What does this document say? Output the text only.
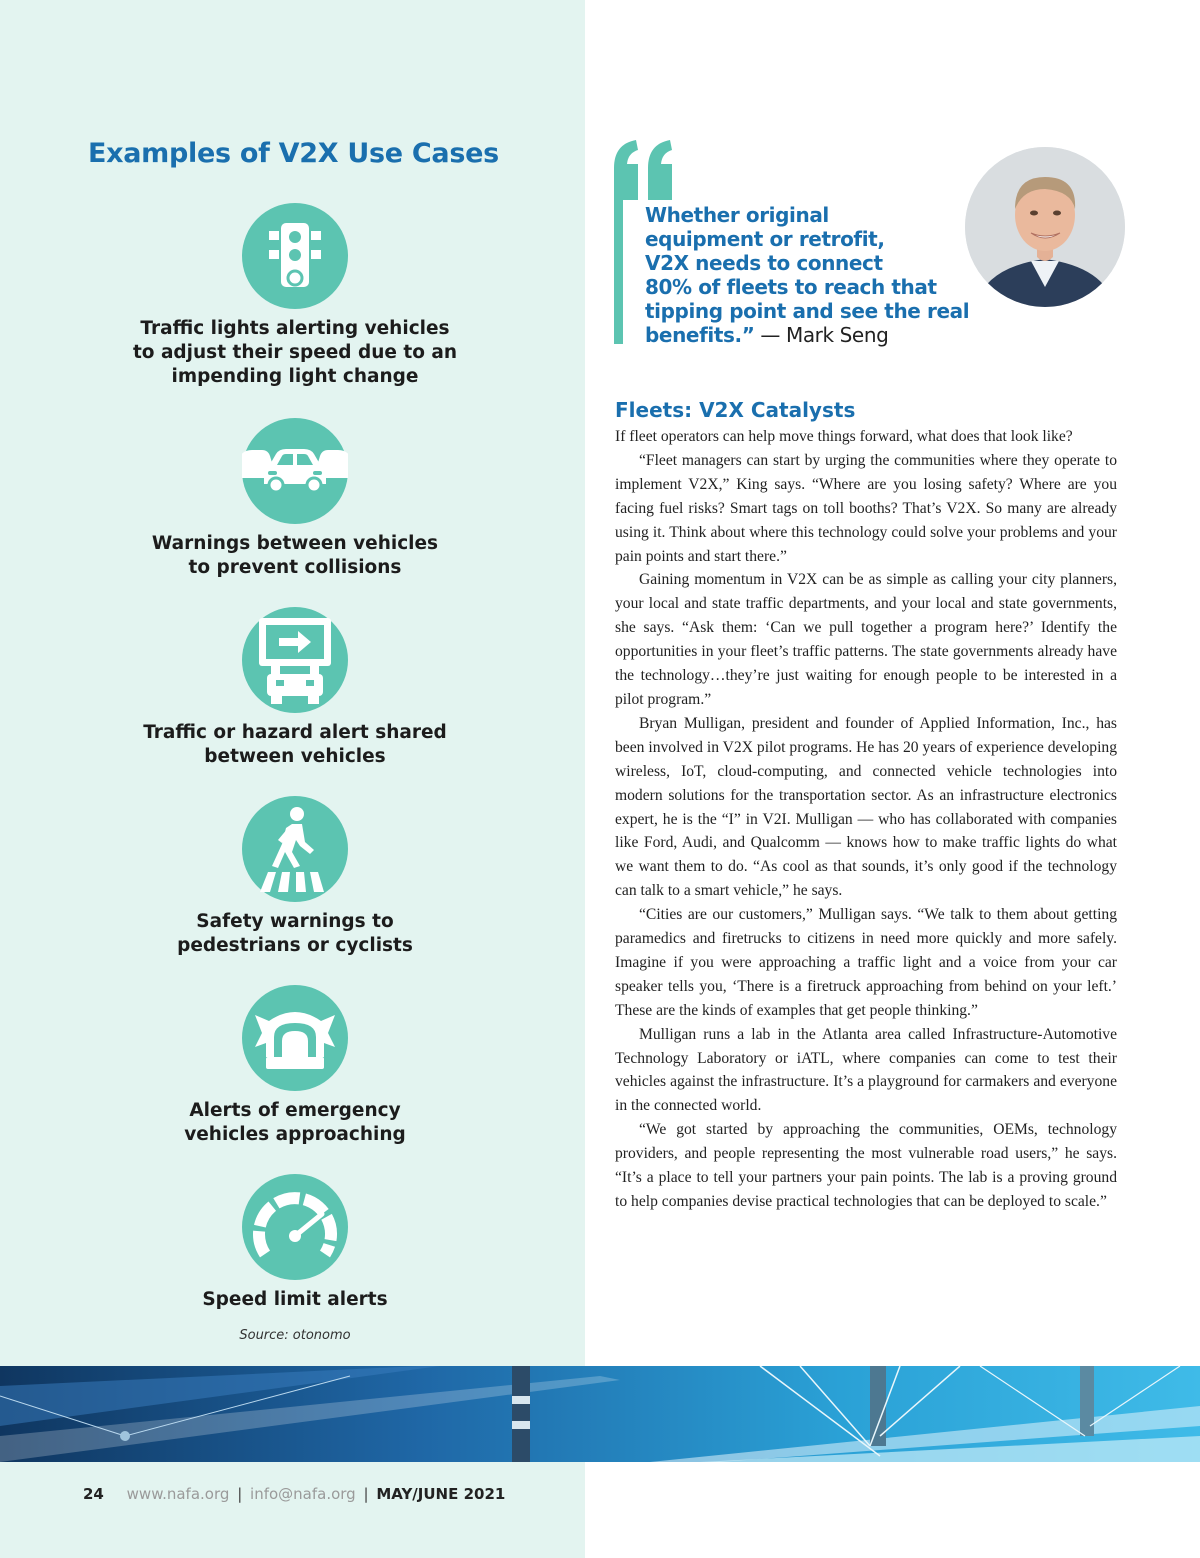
Examples of V2X Use Cases
Traffic lights alerting vehicles
to adjust their speed due to an
impending light change
Warnings between vehicles
to prevent collisions
Traffic or hazard alert shared
between vehicles
Safety warnings to
pedestrians or cyclists
Alerts of emergency
vehicles approaching
Speed limit alerts
Source: otonomo
Whether original
equipment or retrofit,
V2X needs to connect
80% of fleets to reach that
tipping point and see the real
benefits.” — Mark Seng
Fleets: V2X Catalysts

If fleet operators can help move things forward, what does that look like?

“Fleet managers can start by urging the communities where they operate to implement V2X,” King says. “Where are you losing safety? Where are you facing fuel risks? Smart tags on toll booths? That’s V2X. So many are already using it. Think about where this technology could solve your problems and your pain points and start there.”

Gaining momentum in V2X can be as simple as calling your city planners, your local and state traffic departments, and your local and state governments, she says. “Ask them: ‘Can we pull together a program here?’ Identify the opportunities in your fleet’s traffic patterns. The state governments already have the technology…they’re just waiting for enough people to be interested in a pilot program.”

Bryan Mulligan, president and founder of Applied Information, Inc., has been involved in V2X pilot programs. He has 20 years of experience developing wireless, IoT, cloud-computing, and connected vehicle technologies into modern solutions for the transportation sector. As an infrastructure electronics expert, he is the “I” in V2I. Mulligan — who has collaborated with companies like Ford, Audi, and Qualcomm — knows how to make traffic lights do what we want them to do. “As cool as that sounds, it’s only good if the technology can talk to a smart vehicle,” he says.

“Cities are our customers,” Mulligan says. “We talk to them about getting paramedics and firetrucks to citizens in need more quickly and more safely. Imagine if you were approaching a traffic light and a voice from your car speaker tells you, ‘There is a firetruck approaching from behind on your left.’ These are the kinds of examples that get people thinking.”

Mulligan runs a lab in the Atlanta area called Infrastructure-Automotive Technology Laboratory or iATL, where companies can come to test their vehicles against the infrastructure. It’s a playground for carmakers and everyone in the connected world.

“We got started by approaching the communities, OEMs, technology providers, and people representing the most vulnerable road users,” he says. “It’s a place to tell your partners your pain points. The lab is a proving ground to help companies devise practical technologies that can be deployed to scale.”

24 www.nafa.org | info@nafa.org | MAY/JUNE 2021
